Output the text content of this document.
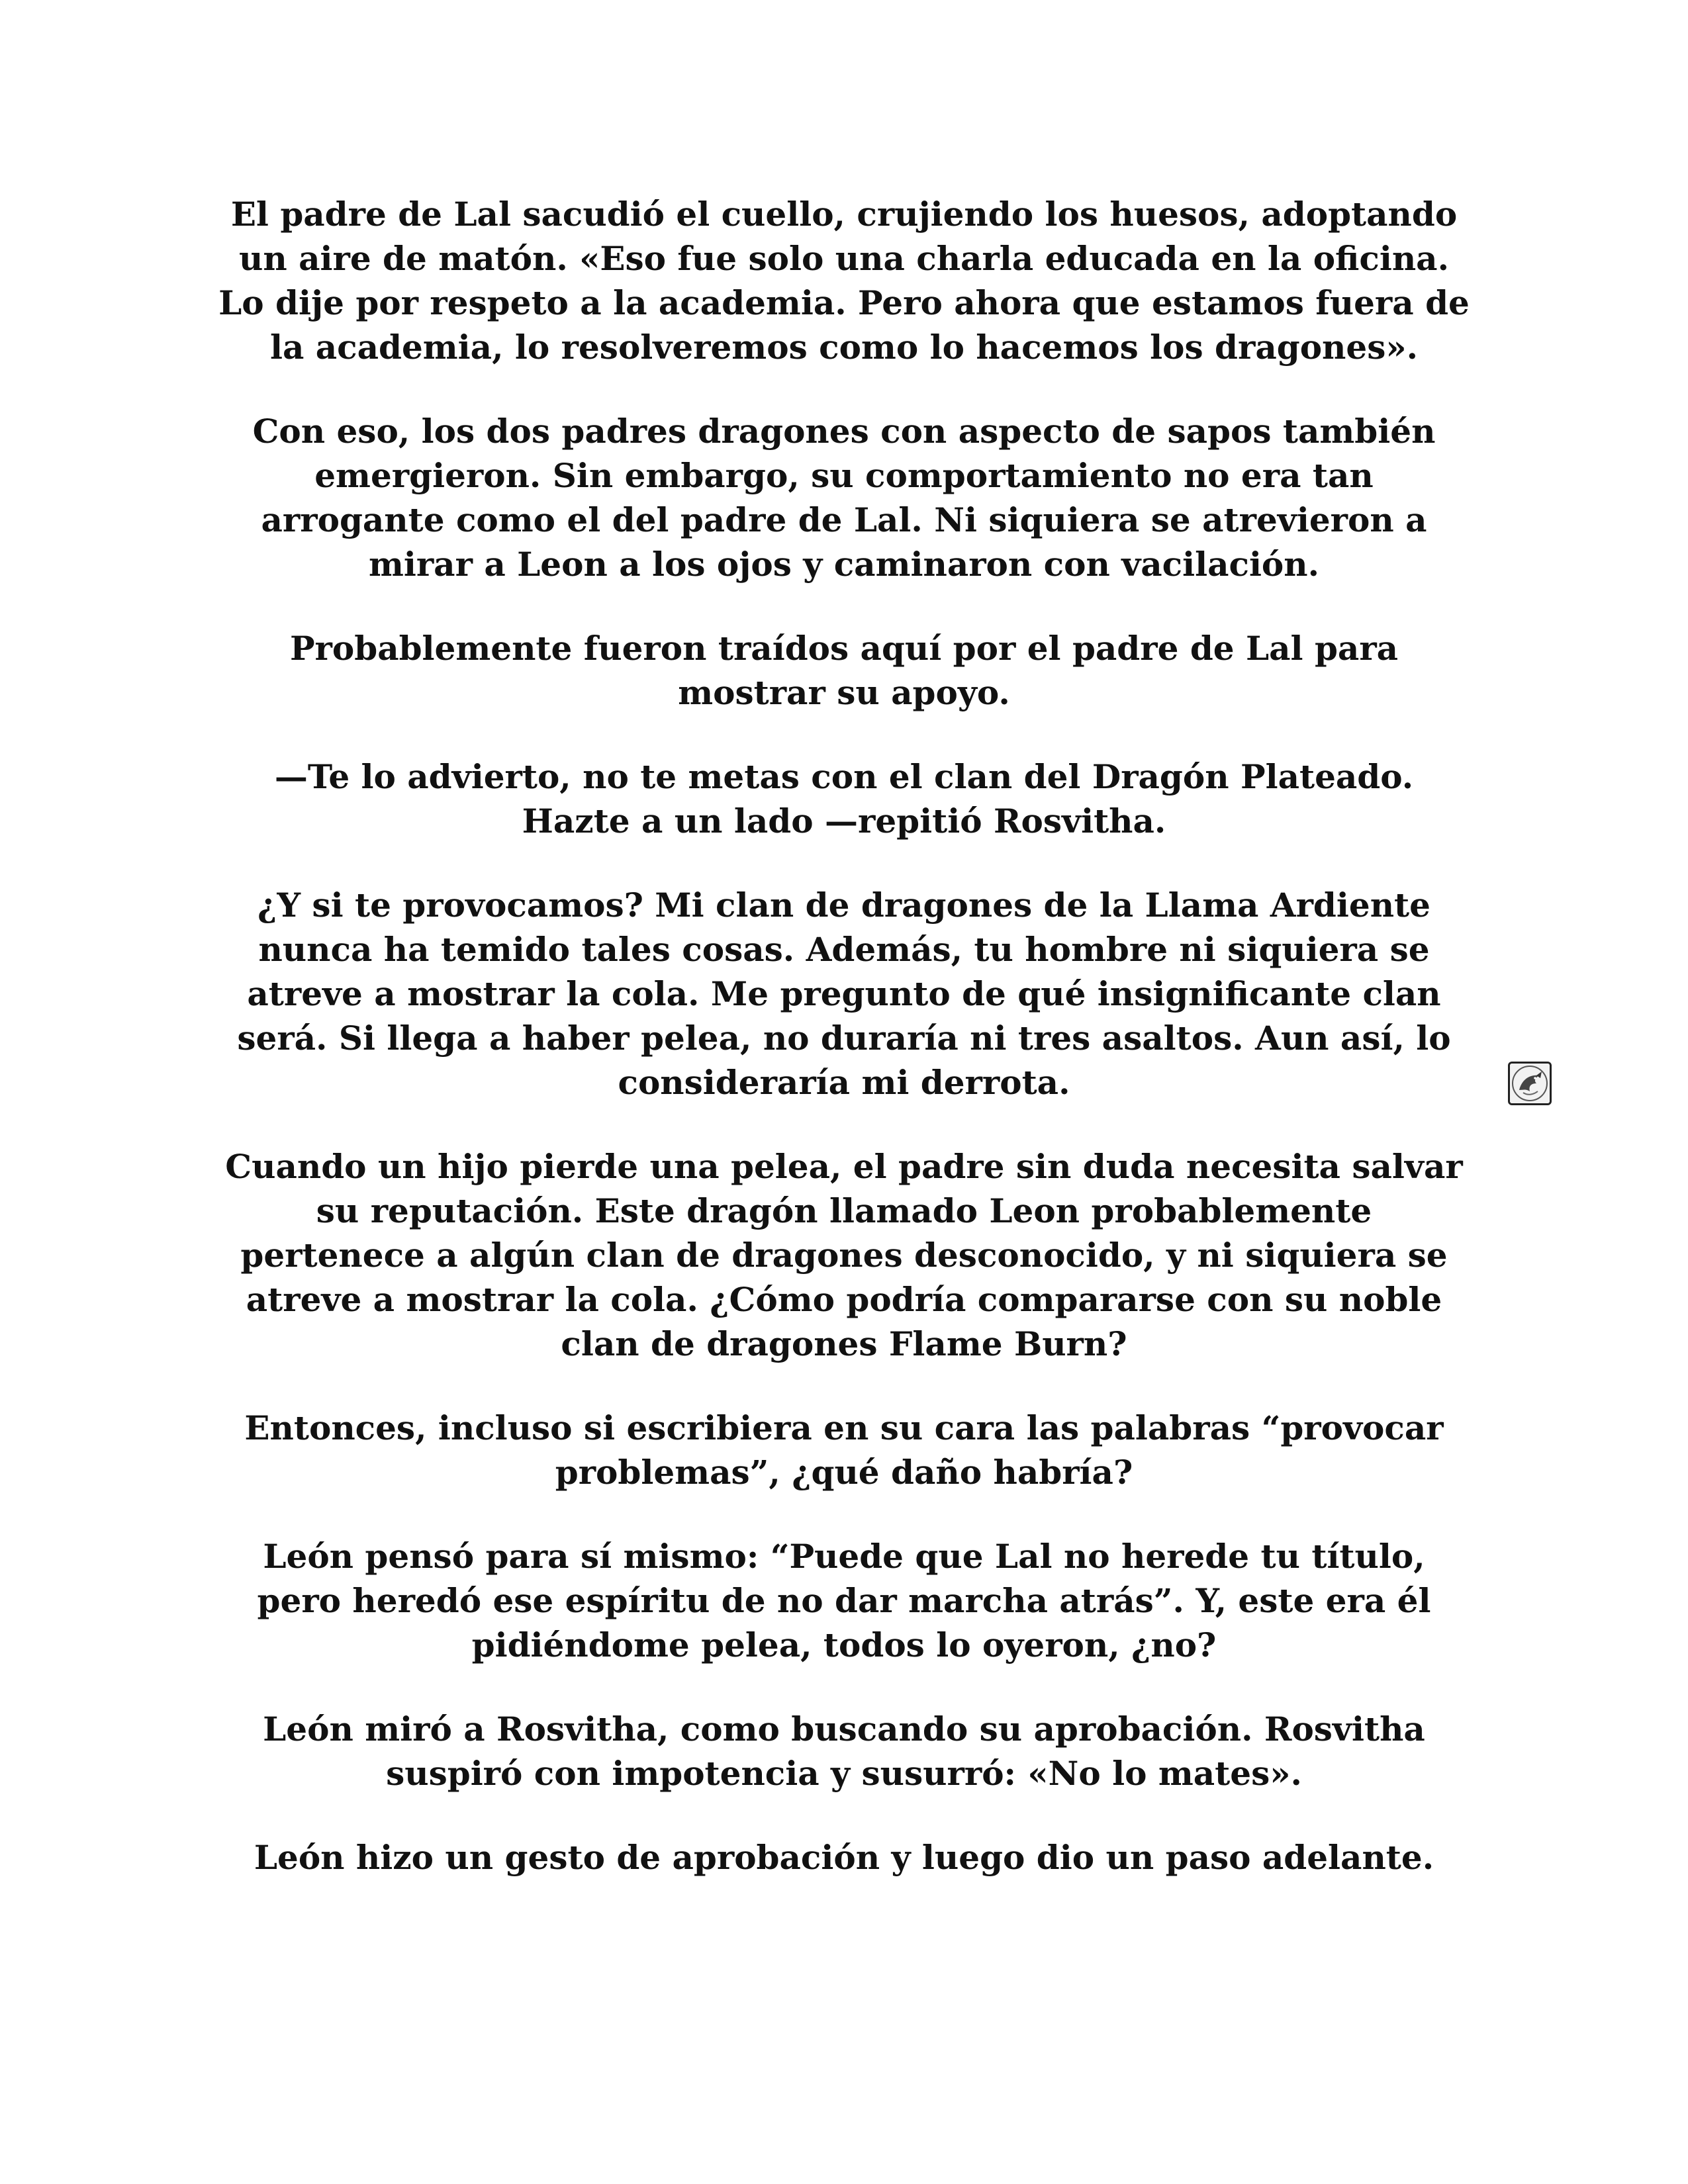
El padre de Lal sacudió el cuello, crujiendo los huesos, adoptando un aire de matón. «Eso fue solo una charla educada en la oficina. Lo dije por respeto a la academia. Pero ahora que estamos fuera de la academia, lo resolveremos como lo hacemos los dragones».

Con eso, los dos padres dragones con aspecto de sapos también emergieron. Sin embargo, su comportamiento no era tan arrogante como el del padre de Lal. Ni siquiera se atrevieron a mirar a Leon a los ojos y caminaron con vacilación.

Probablemente fueron traídos aquí por el padre de Lal para mostrar su apoyo.

—Te lo advierto, no te metas con el clan del Dragón Plateado. Hazte a un lado —repitió Rosvitha.

¿Y si te provocamos? Mi clan de dragones de la Llama Ardiente nunca ha temido tales cosas. Además, tu hombre ni siquiera se atreve a mostrar la cola. Me pregunto de qué insignificante clan será. Si llega a haber pelea, no duraría ni tres asaltos. Aun así, lo consideraría mi derrota.

Cuando un hijo pierde una pelea, el padre sin duda necesita salvar su reputación. Este dragón llamado Leon probablemente pertenece a algún clan de dragones desconocido, y ni siquiera se atreve a mostrar la cola. ¿Cómo podría compararse con su noble clan de dragones Flame Burn?

Entonces, incluso si escribiera en su cara las palabras “provocar problemas”, ¿qué daño habría?

León pensó para sí mismo: “Puede que Lal no herede tu título, pero heredó ese espíritu de no dar marcha atrás”. Y, este era él pidiéndome pelea, todos lo oyeron, ¿no?

León miró a Rosvitha, como buscando su aprobación. Rosvitha suspiró con impotencia y susurró: «No lo mates».

León hizo un gesto de aprobación y luego dio un paso adelante.
